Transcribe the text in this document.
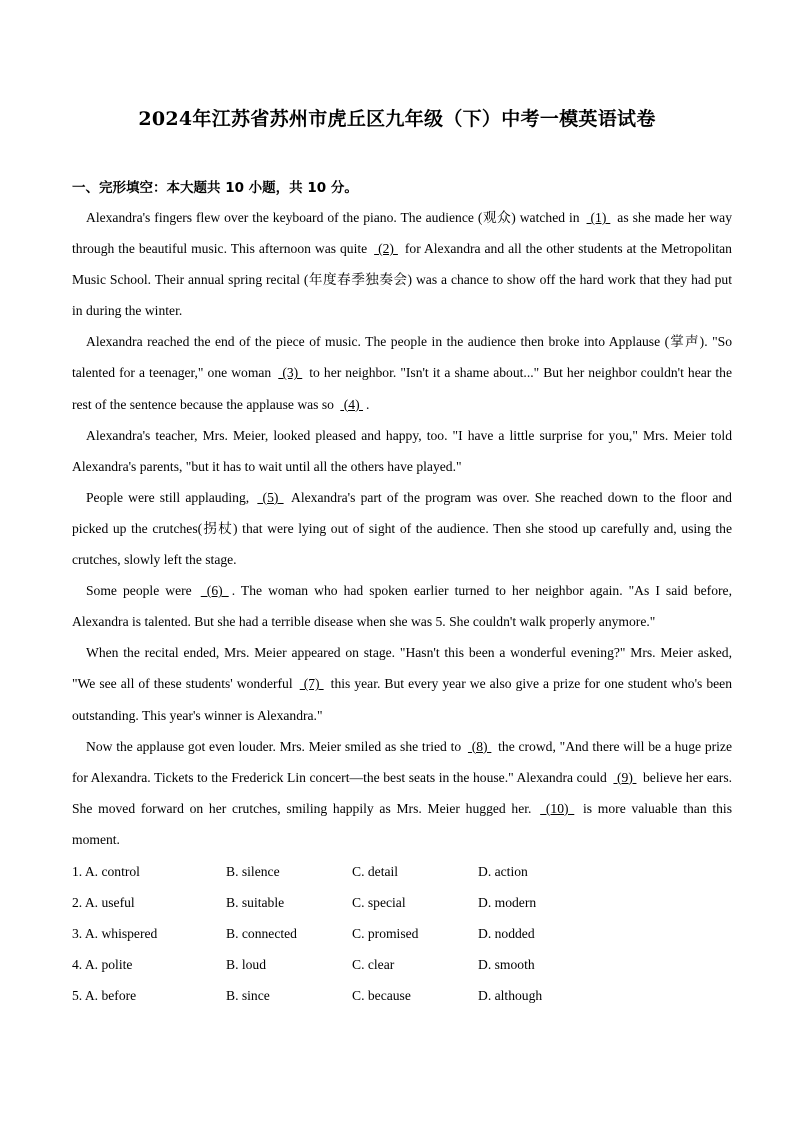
2024年江苏省苏州市虎丘区九年级（下）中考一模英语试卷
一、完形填空：本大题共 10 小题，共 10 分。

Alexandra's fingers flew over the keyboard of the piano. The audience (观众) watched in  (1)  as she made her way through the beautiful music. This afternoon was quite  (2)  for Alexandra and all the other students at the Metropolitan Music School. Their annual spring recital (年度春季独奏会) was a chance to show off the hard work that they had put in during the winter.

Alexandra reached the end of the piece of music. The people in the audience then broke into Applause (掌声). "So talented for a teenager," one woman  (3)  to her neighbor. "Isn't it a shame about..." But her neighbor couldn't hear the rest of the sentence because the applause was so  (4) .

Alexandra's teacher, Mrs. Meier, looked pleased and happy, too. "I have a little surprise for you," Mrs. Meier told Alexandra's parents, "but it has to wait until all the others have played."

People were still applauding,  (5)  Alexandra's part of the program was over. She reached down to the floor and picked up the crutches(拐杖) that were lying out of sight of the audience. Then she stood up carefully and, using the crutches, slowly left the stage.

Some people were  (6) . The woman who had spoken earlier turned to her neighbor again. "As I said before, Alexandra is talented. But she had a terrible disease when she was 5. She couldn't walk properly anymore."

When the recital ended, Mrs. Meier appeared on stage. "Hasn't this been a wonderful evening?" Mrs. Meier asked, "We see all of these students' wonderful  (7)  this year. But every year we also give a prize for one student who's been outstanding. This year's winner is Alexandra."

Now the applause got even louder. Mrs. Meier smiled as she tried to  (8)  the crowd, "And there will be a huge prize for Alexandra. Tickets to the Frederick Lin concert—the best seats in the house." Alexandra could  (9)  believe her ears. She moved forward on her crutches, smiling happily as Mrs. Meier hugged her.  (10)  is more valuable than this moment.

1. A. control	B. silence	C. detail	D. action
2. A. useful	B. suitable	C. special	D. modern
3. A. whispered	B. connected	C. promised	D. nodded
4. A. polite	B. loud	C. clear	D. smooth
5. A. before	B. since	C. because	D. although
